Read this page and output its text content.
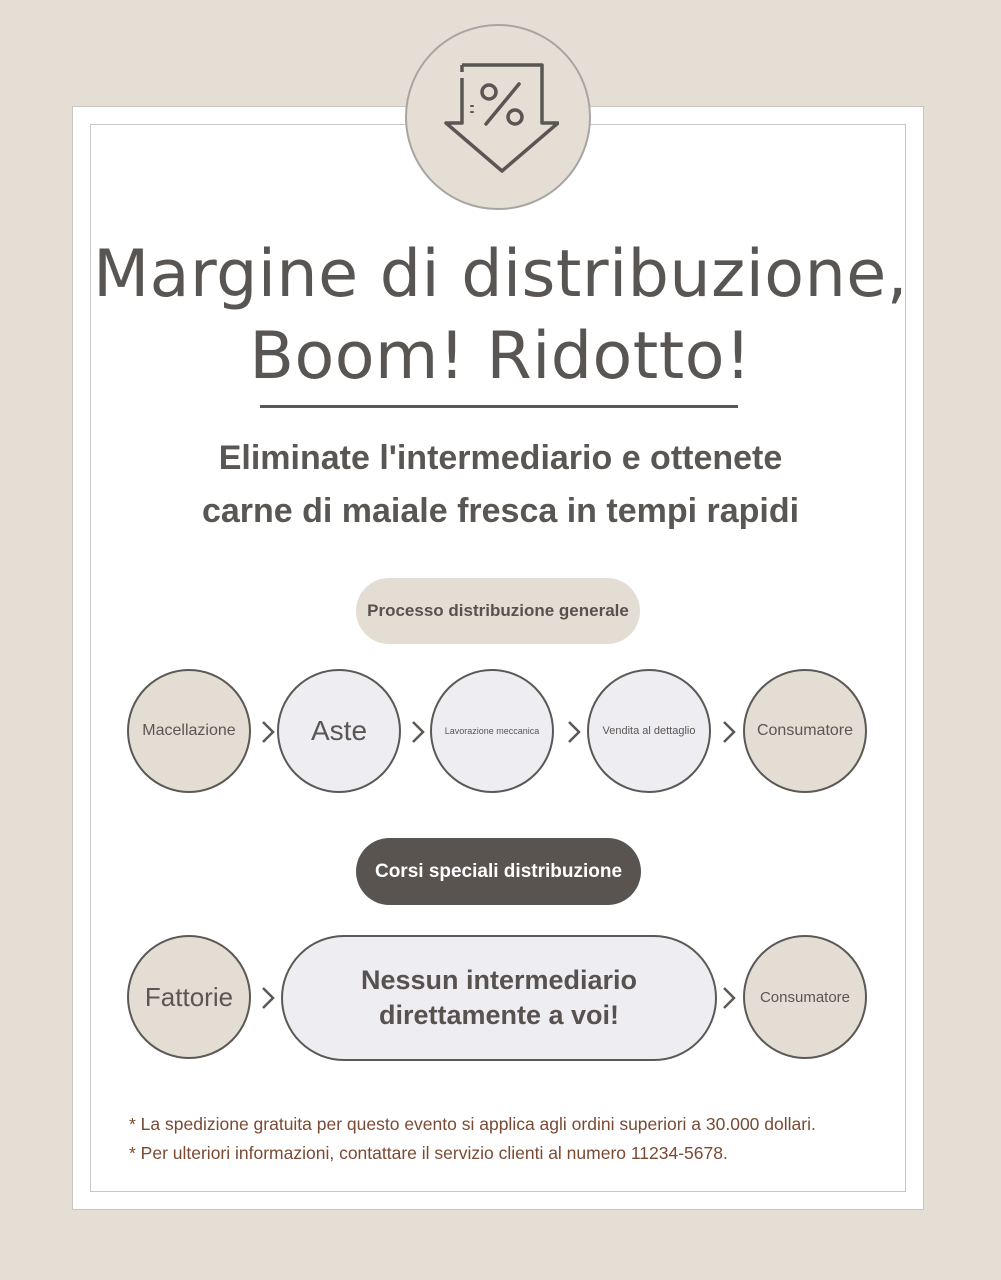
Margine di distribuzione,
Boom! Ridotto!

Eliminate l'intermediario e ottenete
carne di maiale fresca in tempi rapidi

Processo distribuzione generale
Macellazione	Aste	Lavorazione meccanica	Vendita al dettaglio	Consumatore
Corsi speciali distribuzione
Fattorie
Nessun intermediario
direttamente a voi!
Consumatore
* La spedizione gratuita per questo evento si applica agli ordini superiori a 30.000 dollari.
* Per ulteriori informazioni, contattare il servizio clienti al numero 11234-5678.
